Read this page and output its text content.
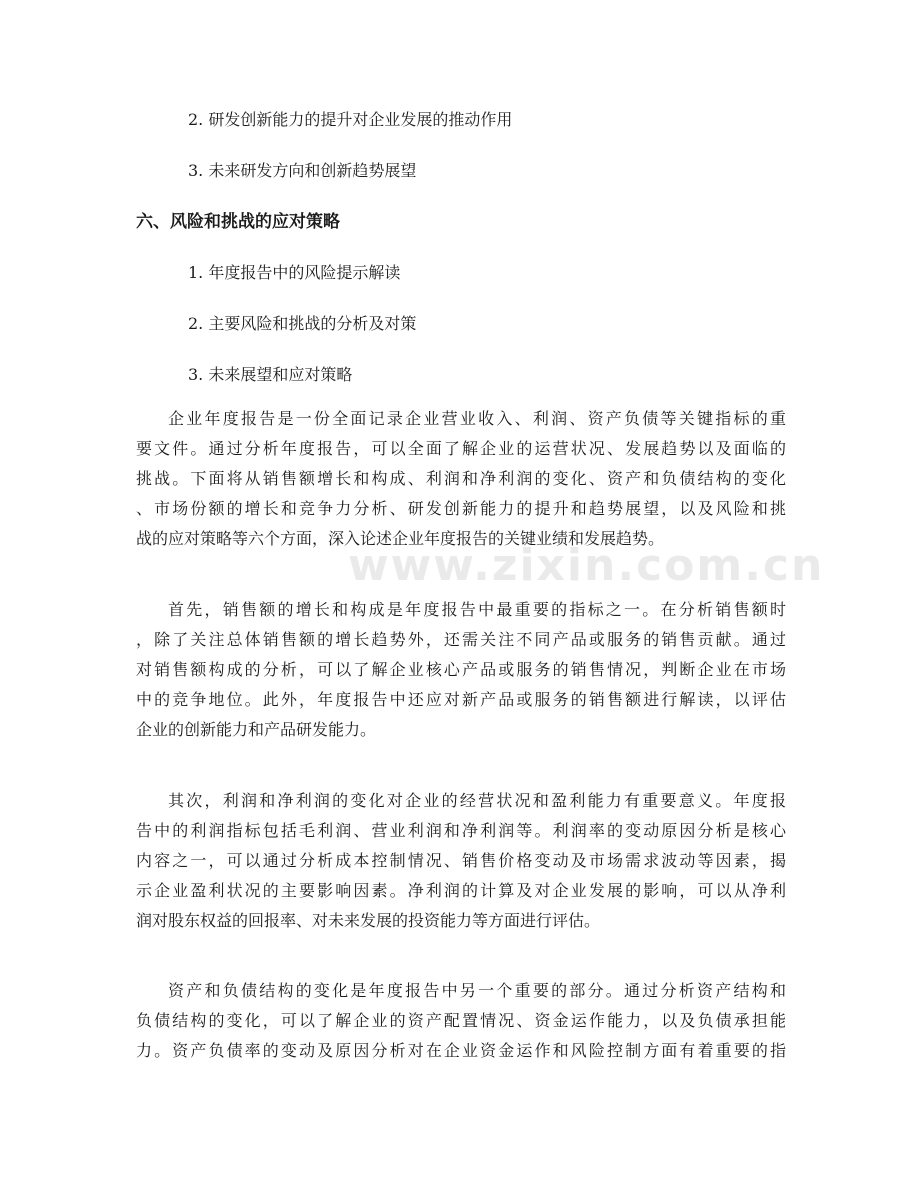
2. 研发创新能力的提升对企业发展的推动作用
3. 未来研发方向和创新趋势展望
六、风险和挑战的应对策略
1. 年度报告中的风险提示解读
2. 主要风险和挑战的分析及对策
3. 未来展望和应对策略
企业年度报告是一份全面记录企业营业收入、利润、资产负债等关键指标的重
要文件。通过分析年度报告，可以全面了解企业的运营状况、发展趋势以及面临的
挑战。下面将从销售额增长和构成、利润和净利润的变化、资产和负债结构的变化
、市场份额的增长和竞争力分析、研发创新能力的提升和趋势展望，以及风险和挑
战的应对策略等六个方面，深入论述企业年度报告的关键业绩和发展趋势。
首先，销售额的增长和构成是年度报告中最重要的指标之一。在分析销售额时
，除了关注总体销售额的增长趋势外，还需关注不同产品或服务的销售贡献。通过
对销售额构成的分析，可以了解企业核心产品或服务的销售情况，判断企业在市场
中的竞争地位。此外，年度报告中还应对新产品或服务的销售额进行解读，以评估
企业的创新能力和产品研发能力。
其次，利润和净利润的变化对企业的经营状况和盈利能力有重要意义。年度报
告中的利润指标包括毛利润、营业利润和净利润等。利润率的变动原因分析是核心
内容之一，可以通过分析成本控制情况、销售价格变动及市场需求波动等因素，揭
示企业盈利状况的主要影响因素。净利润的计算及对企业发展的影响，可以从净利
润对股东权益的回报率、对未来发展的投资能力等方面进行评估。
资产和负债结构的变化是年度报告中另一个重要的部分。通过分析资产结构和
负债结构的变化，可以了解企业的资产配置情况、资金运作能力，以及负债承担能
力。资产负债率的变动及原因分析对在企业资金运作和风险控制方面有着重要的指
www.zixin.com.cn
